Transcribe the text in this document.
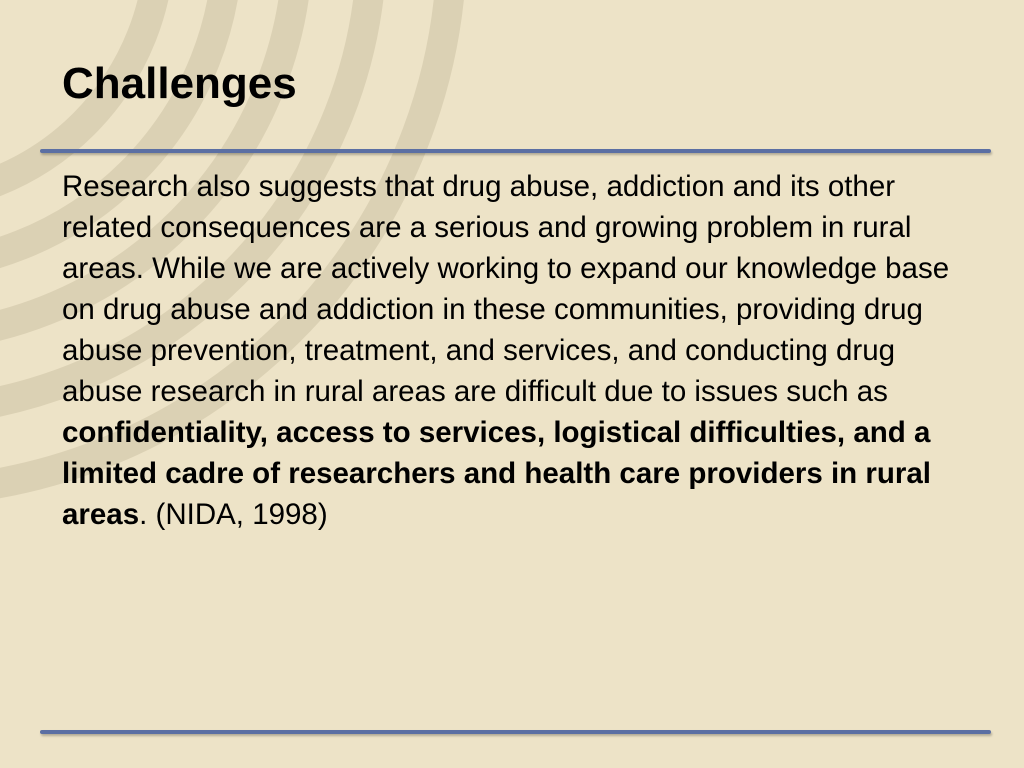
Challenges

Research also suggests that drug abuse, addiction and its other related consequences are a serious and growing problem in rural areas. While we are actively working to expand our knowledge base on drug abuse and addiction in these communities, providing drug abuse prevention, treatment, and services, and conducting drug abuse research in rural areas are difficult due to issues such as confidentiality, access to services, logistical difficulties, and a limited cadre of researchers and health care providers in rural areas. (NIDA, 1998)
